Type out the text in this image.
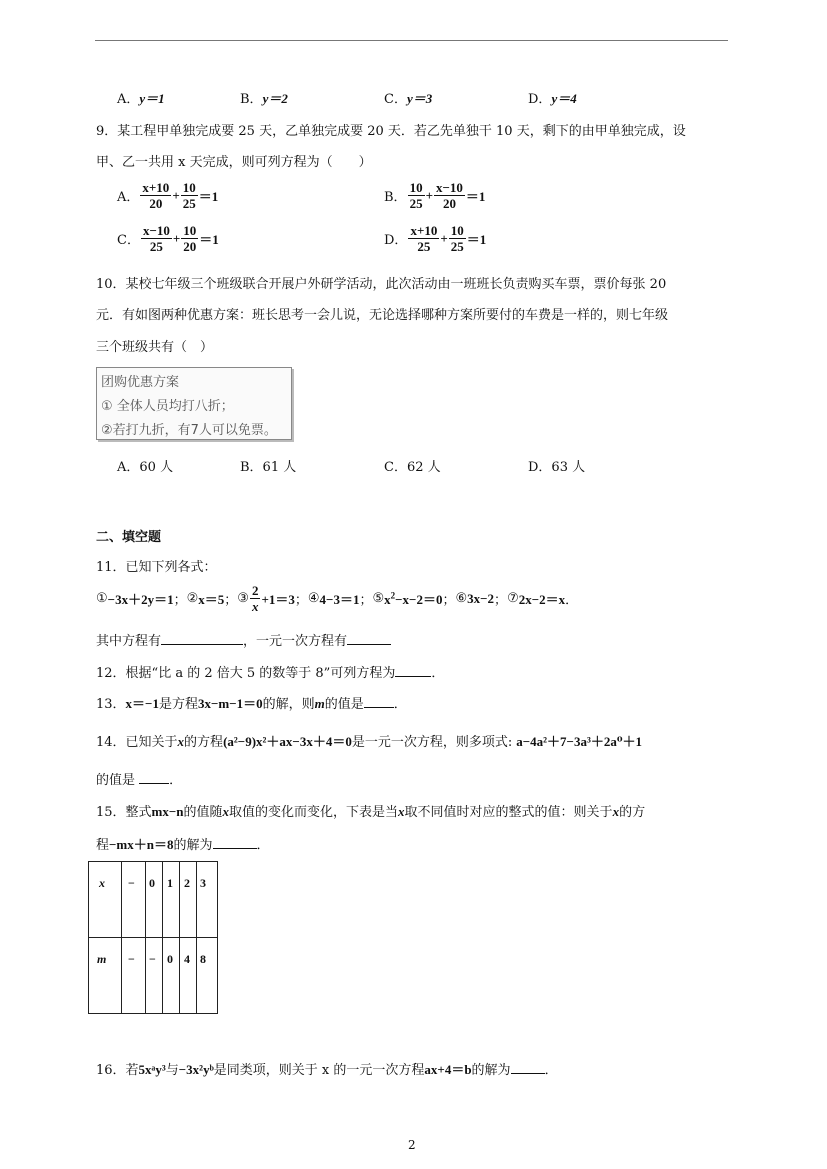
A．y＝1	B．y＝2	C．y＝3	D．y＝4
9．某工程甲单独完成要 25 天，乙单独完成要 20 天．若乙先单独干 10 天，剩下的由甲单独完成，设
甲、乙一共用 x 天完成，则可列方程为（　　）
A． $\frac{x+10}{20} + \frac{10}{25} =1$	B． $\frac{10}{25} + \frac{x-10}{20} =1$
C． $\frac{x-10}{25} + \frac{10}{20} =1$	D． $\frac{x+10}{25} + \frac{10}{25} =1$
10．某校七年级三个班级联合开展户外研学活动，此次活动由一班班长负责购买车票，票价每张 20
元．有如图两种优惠方案：班长思考一会儿说，无论选择哪种方案所要付的车费是一样的，则七年级
三个班级共有（　）
团购优惠方案
① 全体人员均打八折；
②若打九折，有7人可以免票。
A．60 人	B．61 人	C．62 人	D．63 人
二、填空题
11．已知下列各式：
① −3x＋2y＝1 ； ② x＝5 ； ③ $\frac{2}{x} +1=3$ ； ④ 4−3＝1 ； ⑤ $x^2-x-2=0$ ； ⑥ 3x−2 ； ⑦ 2x−2＝x ．
其中方程有	，一元一次方程有
12．根据“比 a 的 2 倍大 5 的数等于 8”可列方程为	．
13．x＝−1是方程3x−m−1＝0的解，则m的值是 ．
14．已知关于x的方程(a²−9)x²＋ax−3x＋4＝0是一元一次方程，则多项式: a−4a²＋7−3a³＋2a⁰＋1
的值是	．
15．整式mx−n的值随x取值的变化而变化，下表是当x取不同值时对应的整式的值：则关于x的方
程−mx＋n＝8的解为	．
x − 0 1 2 3
m − − 0 4 8
16．若5xᵃy³与−3x²yᵇ是同类项，则关于 x 的一元一次方程ax+4＝b的解为	．
2
